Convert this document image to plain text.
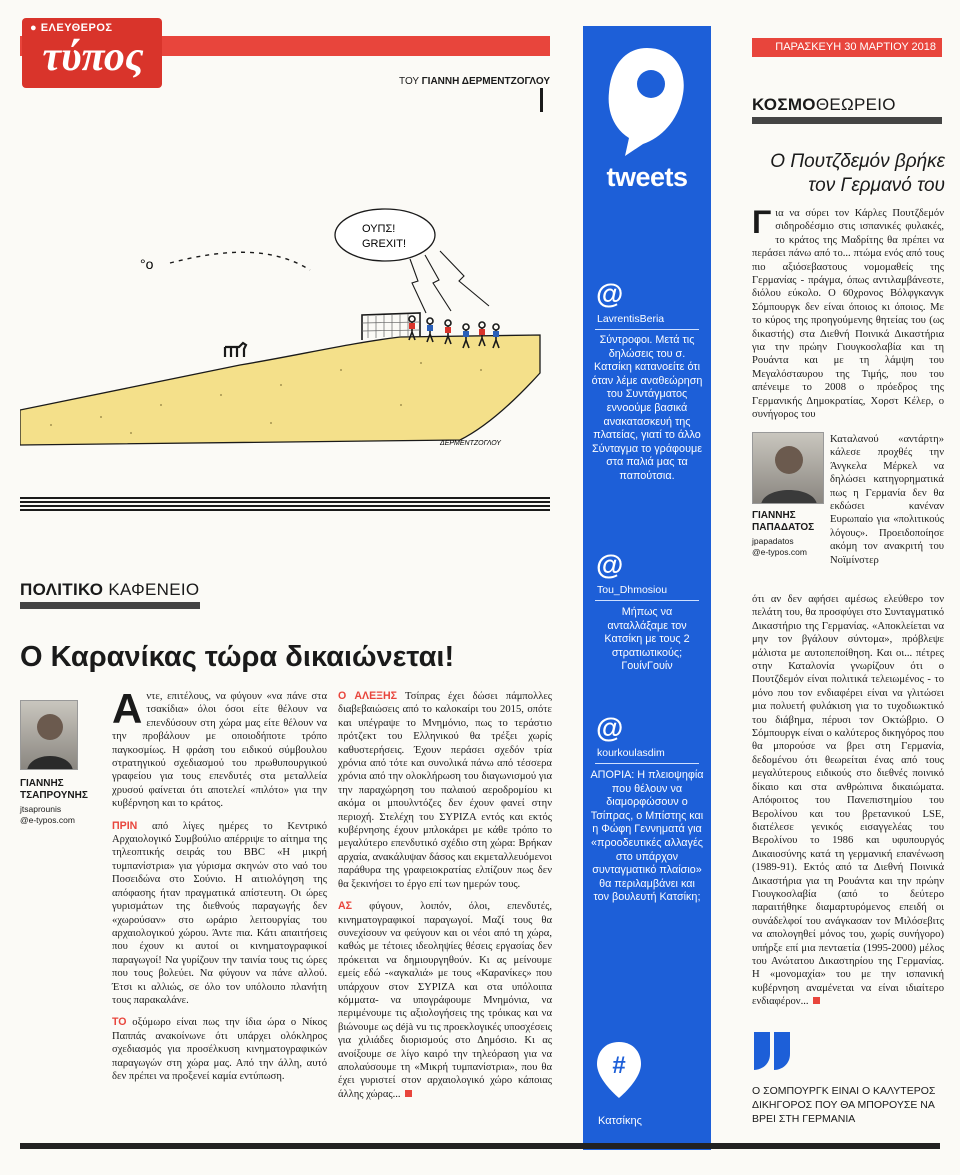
● ΕΛΕΥΘΕΡΟΣ
τύπος
ΤΟΥ ΓΙΑΝΝΗ ΔΕΡΜΕΝΤΖΟΓΛΟΥ
°o
ΟΥΠΣ!
GREXIT!
ΔΕΡΜΕΝΤΖΟΓΛΟΥ
ΠΟΛΙΤΙΚΟ ΚΑΦΕΝΕΙΟ
Ο Καρανίκας τώρα δικαιώνεται!
ΓΙΑΝΝΗΣ
ΤΣΑΠΡΟΥΝΗΣ
jtsaprounis
@e-typos.com

Αντε, επιτέλους, να φύγουν «να πάνε στα τσακίδια» όλοι όσοι είτε θέλουν να επενδύσουν στη χώρα μας είτε θέλουν να την προβάλουν με οποιοδήποτε τρόπο παγκοσμίως. Η φράση του ειδικού σύμβουλου στρατηγικού σχεδιασμού του πρωθυπουργικού γραφείου για τους επενδυτές στα μεταλλεία χρυσού φαίνεται ότι αποτελεί «πιλότο» για την κυβέρνηση και το κράτος.

ΠΡΙΝ από λίγες ημέρες το Κεντρικό Αρχαιολογικό Συμβούλιο απέρριψε το αίτημα της τηλεοπτικής σειράς του BBC «Η μικρή τυμπανίστρια» για γύρισμα σκηνών στο ναό του Ποσειδώνα στο Σούνιο. Η αιτιολόγηση της απόφασης ήταν πραγματικά απίστευτη. Οι ώρες γυρισμάτων της διεθνούς παραγωγής δεν «χωρούσαν» στο ωράριο λειτουργίας του αρχαιολογικού χώρου. Άντε πια. Κάτι απαιτήσεις που έχουν κι αυτοί οι κινηματογραφικοί παραγωγοί! Να γυρίζουν την ταινία τους τις ώρες που τους βολεύει. Να φύγουν να πάνε αλλού. Έτσι κι αλλιώς, σε όλο τον υπόλοιπο πλανήτη τους παρακαλάνε.

ΤΟ οξύμωρο είναι πως την ίδια ώρα ο Νίκος Παππάς ανακοίνωνε ότι υπάρχει ολόκληρος σχεδιασμός για προσέλκυση κινηματογραφικών παραγωγών στη χώρα μας. Από την άλλη, αυτό δεν πρέπει να προξενεί καμία εντύπωση.

Ο ΑΛΕΞΗΣ Τσίπρας έχει δώσει πάμπολλες διαβεβαιώσεις από το καλοκαίρι του 2015, οπότε και υπέγραψε το Μνημόνιο, πως το τεράστιο πρότζεκτ του Ελληνικού θα τρέξει χωρίς καθυστερήσεις. Έχουν περάσει σχεδόν τρία χρόνια από τότε και συνολικά πάνω από τέσσερα χρόνια από την ολοκλήρωση του διαγωνισμού για την παραχώρηση του παλαιού αεροδρομίου κι ακόμα οι μπουλντόζες δεν έχουν φανεί στην περιοχή. Στελέχη του ΣΥΡΙΖΑ εντός και εκτός κυβέρνησης έχουν μπλοκάρει με κάθε τρόπο το μεγαλύτερο επενδυτικό σχέδιο στη χώρα: Βρήκαν αρχαία, ανακάλυψαν δάσος και εκμεταλλευόμενοι παράθυρα της γραφειοκρατίας ελπίζουν πως δεν θα ξεκινήσει το έργο επί των ημερών τους.

ΑΣ φύγουν, λοιπόν, όλοι, επενδυτές, κινηματογραφικοί παραγωγοί. Μαζί τους θα συνεχίσουν να φεύγουν και οι νέοι από τη χώρα, καθώς με τέτοιες ιδεοληψίες θέσεις εργασίας δεν πρόκειται να δημιουργηθούν. Κι ας μείνουμε εμείς εδώ -«αγκαλιά» με τους «Καρανίκες» που υπάρχουν στον ΣΥΡΙΖΑ και στα υπόλοιπα κόμματα- να υπογράφουμε Μνημόνια, να περιμένουμε τις αξιολογήσεις της τρόικας και να βιώνουμε ως déjà vu τις προεκλογικές υποσχέσεις για χιλιάδες διορισμούς στο Δημόσιο. Κι ας ανοίξουμε σε λίγο καιρό την τηλεόραση για να απολαύσουμε τη «Μικρή τυμπανίστρια», που θα έχει γυριστεί στον αρχαιολογικό χώρο κάποιας άλλης χώρας...

tweets
@
LavrentisBeria
Σύντροφοι. Μετά τις δηλώσεις του σ. Κατσίκη κατανοείτε ότι όταν λέμε αναθεώρηση του Συντάγματος εννοούμε βασικά ανακατασκευή της πλατείας, γιατί το άλλο Σύνταγμα το γράφουμε στα παλιά μας τα παπούτσια.
@
Tou_Dhmosiou
Μήπως να ανταλλάξαμε τον Κατσίκη με τους 2 στρατιωτικούς; ΓουίνΓουίν
@
kourkoulasdim
ΑΠΟΡΙΑ: Η πλειοψηφία που θέλουν να διαμορφώσουν ο Τσίπρας, ο Μπίστης και η Φώφη Γεννηματά για «προοδευτικές αλλαγές στο υπάρχον συνταγματικό πλαίσιο» θα περιλαμβάνει και τον βουλευτή Κατσίκη;
#
Κατσίκης
ΠΑΡΑΣΚΕΥΗ 30 ΜΑΡΤΙΟΥ 2018
ΚΟΣΜΟΘΕΩΡΕΙΟ
Ο Πουτζδεμόν βρήκε τον Γερμανό του
Για να σύρει τον Κάρλες Πουτζδεμόν σιδηροδέσμιο στις ισπανικές φυλακές, το κράτος της Μαδρίτης θα πρέπει να περάσει πάνω από το... πτώμα ενός από τους πιο αξιόσεβαστους νομομαθείς της Γερμανίας - πράγμα, όπως αντιλαμβάνεστε, διόλου εύκολο. Ο 60χρονος Βόλφγκανγκ Σόμπουργκ δεν είναι όποιος κι όποιος. Με το κύρος της προηγούμενης θητείας του (ως δικαστής) στα Διεθνή Ποινικά Δικαστήρια για την πρώην Γιουγκοσλαβία και τη Ρουάντα και με τη λάμψη του Μεγαλόσταυρου της Τιμής, που του απένειμε το 2008 ο πρόεδρος της Γερμανικής Δημοκρατίας, Χορστ Κέλερ, ο συνήγορος του
ΓΙΑΝΝΗΣ
ΠΑΠΑΔΑΤΟΣ
jpapadatos
@e-typos.com
Καταλανού «αντάρτη» κάλεσε προχθές την Άνγκελα Μέρκελ να δηλώσει κατηγορηματικά πως η Γερμανία δεν θα εκδώσει κανέναν Ευρωπαίο για «πολιτικούς λόγους». Προειδοποίησε ακόμη τον ανακριτή του Νοϊμίνστερ
ότι αν δεν αφήσει αμέσως ελεύθερο τον πελάτη του, θα προσφύγει στο Συνταγματικό Δικαστήριο της Γερμανίας. «Αποκλείεται να μην τον βγάλουν σύντομα», πρόβλεψε μάλιστα με αυτοπεποίθηση. Και οι... πέτρες στην Καταλονία γνωρίζουν ότι ο Πουτζδεμόν είναι πολιτικά τελειωμένος - το μόνο που τον ενδιαφέρει είναι να γλιτώσει μια πολυετή φυλάκιση για το τυχοδιωκτικό του διάβημα, πέρυσι τον Οκτώβριο. Ο Σόμπουργκ είναι ο καλύτερος δικηγόρος που θα μπορούσε να βρει στη Γερμανία, δεδομένου ότι θεωρείται ένας από τους μεγαλύτερους ειδικούς στο διεθνές ποινικό δίκαιο και στα ανθρώπινα δικαιώματα. Απόφοιτος του Πανεπιστημίου του Βερολίνου και του βρετανικού LSE, διατέλεσε γενικός εισαγγελέας του Βερολίνου το 1986 και υφυπουργός Δικαιοσύνης κατά τη γερμανική επανένωση (1989-91). Εκτός από τα Διεθνή Ποινικά Δικαστήρια για τη Ρουάντα και την πρώην Γιουγκοσλαβία (από το δεύτερο παραιτήθηκε διαμαρτυρόμενος επειδή οι συνάδελφοί του ανάγκασαν τον Μιλόσεβιτς να απολογηθεί μόνος του, χωρίς συνήγορο) υπήρξε επί μια πενταετία (1995-2000) μέλος του Ανώτατου Δικαστηρίου της Γερμανίας. Η «μονομαχία» του με την ισπανική κυβέρνηση αναμένεται να είναι ιδιαίτερο ενδιαφέρον...
Ο ΣΟΜΠΟΥΡΓΚ ΕΙΝΑΙ Ο ΚΑΛΥΤΕΡΟΣ ΔΙΚΗΓΟΡΟΣ ΠΟΥ ΘΑ ΜΠΟΡΟΥΣΕ ΝΑ ΒΡΕΙ ΣΤΗ ΓΕΡΜΑΝΙΑ
